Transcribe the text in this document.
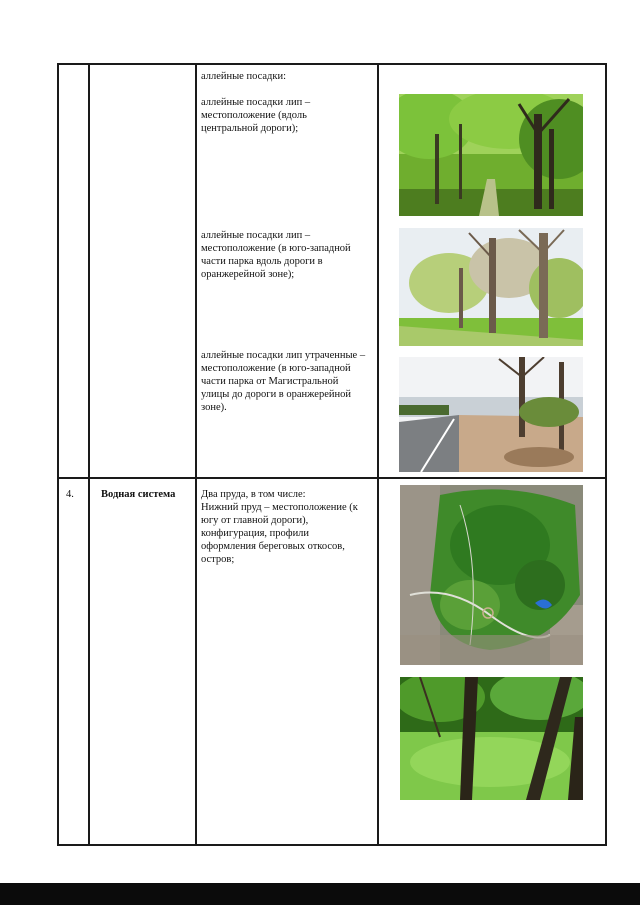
аллейные посадки:
аллейные посадки лип –
местоположение (вдоль
центральной дороги);
аллейные посадки лип –
местоположение (в юго-западной
части парка вдоль дороги в
оранжерейной зоне);
аллейные посадки лип утраченные –
местоположение (в юго-западной
части парка от Магистральной
улицы до дороги в оранжерейной
зоне).
4.	Водная система Два пруда, в том числе:
Нижний пруд – местоположение (к
югу от главной дороги),
конфигурация, профили
оформления береговых откосов,
остров;
